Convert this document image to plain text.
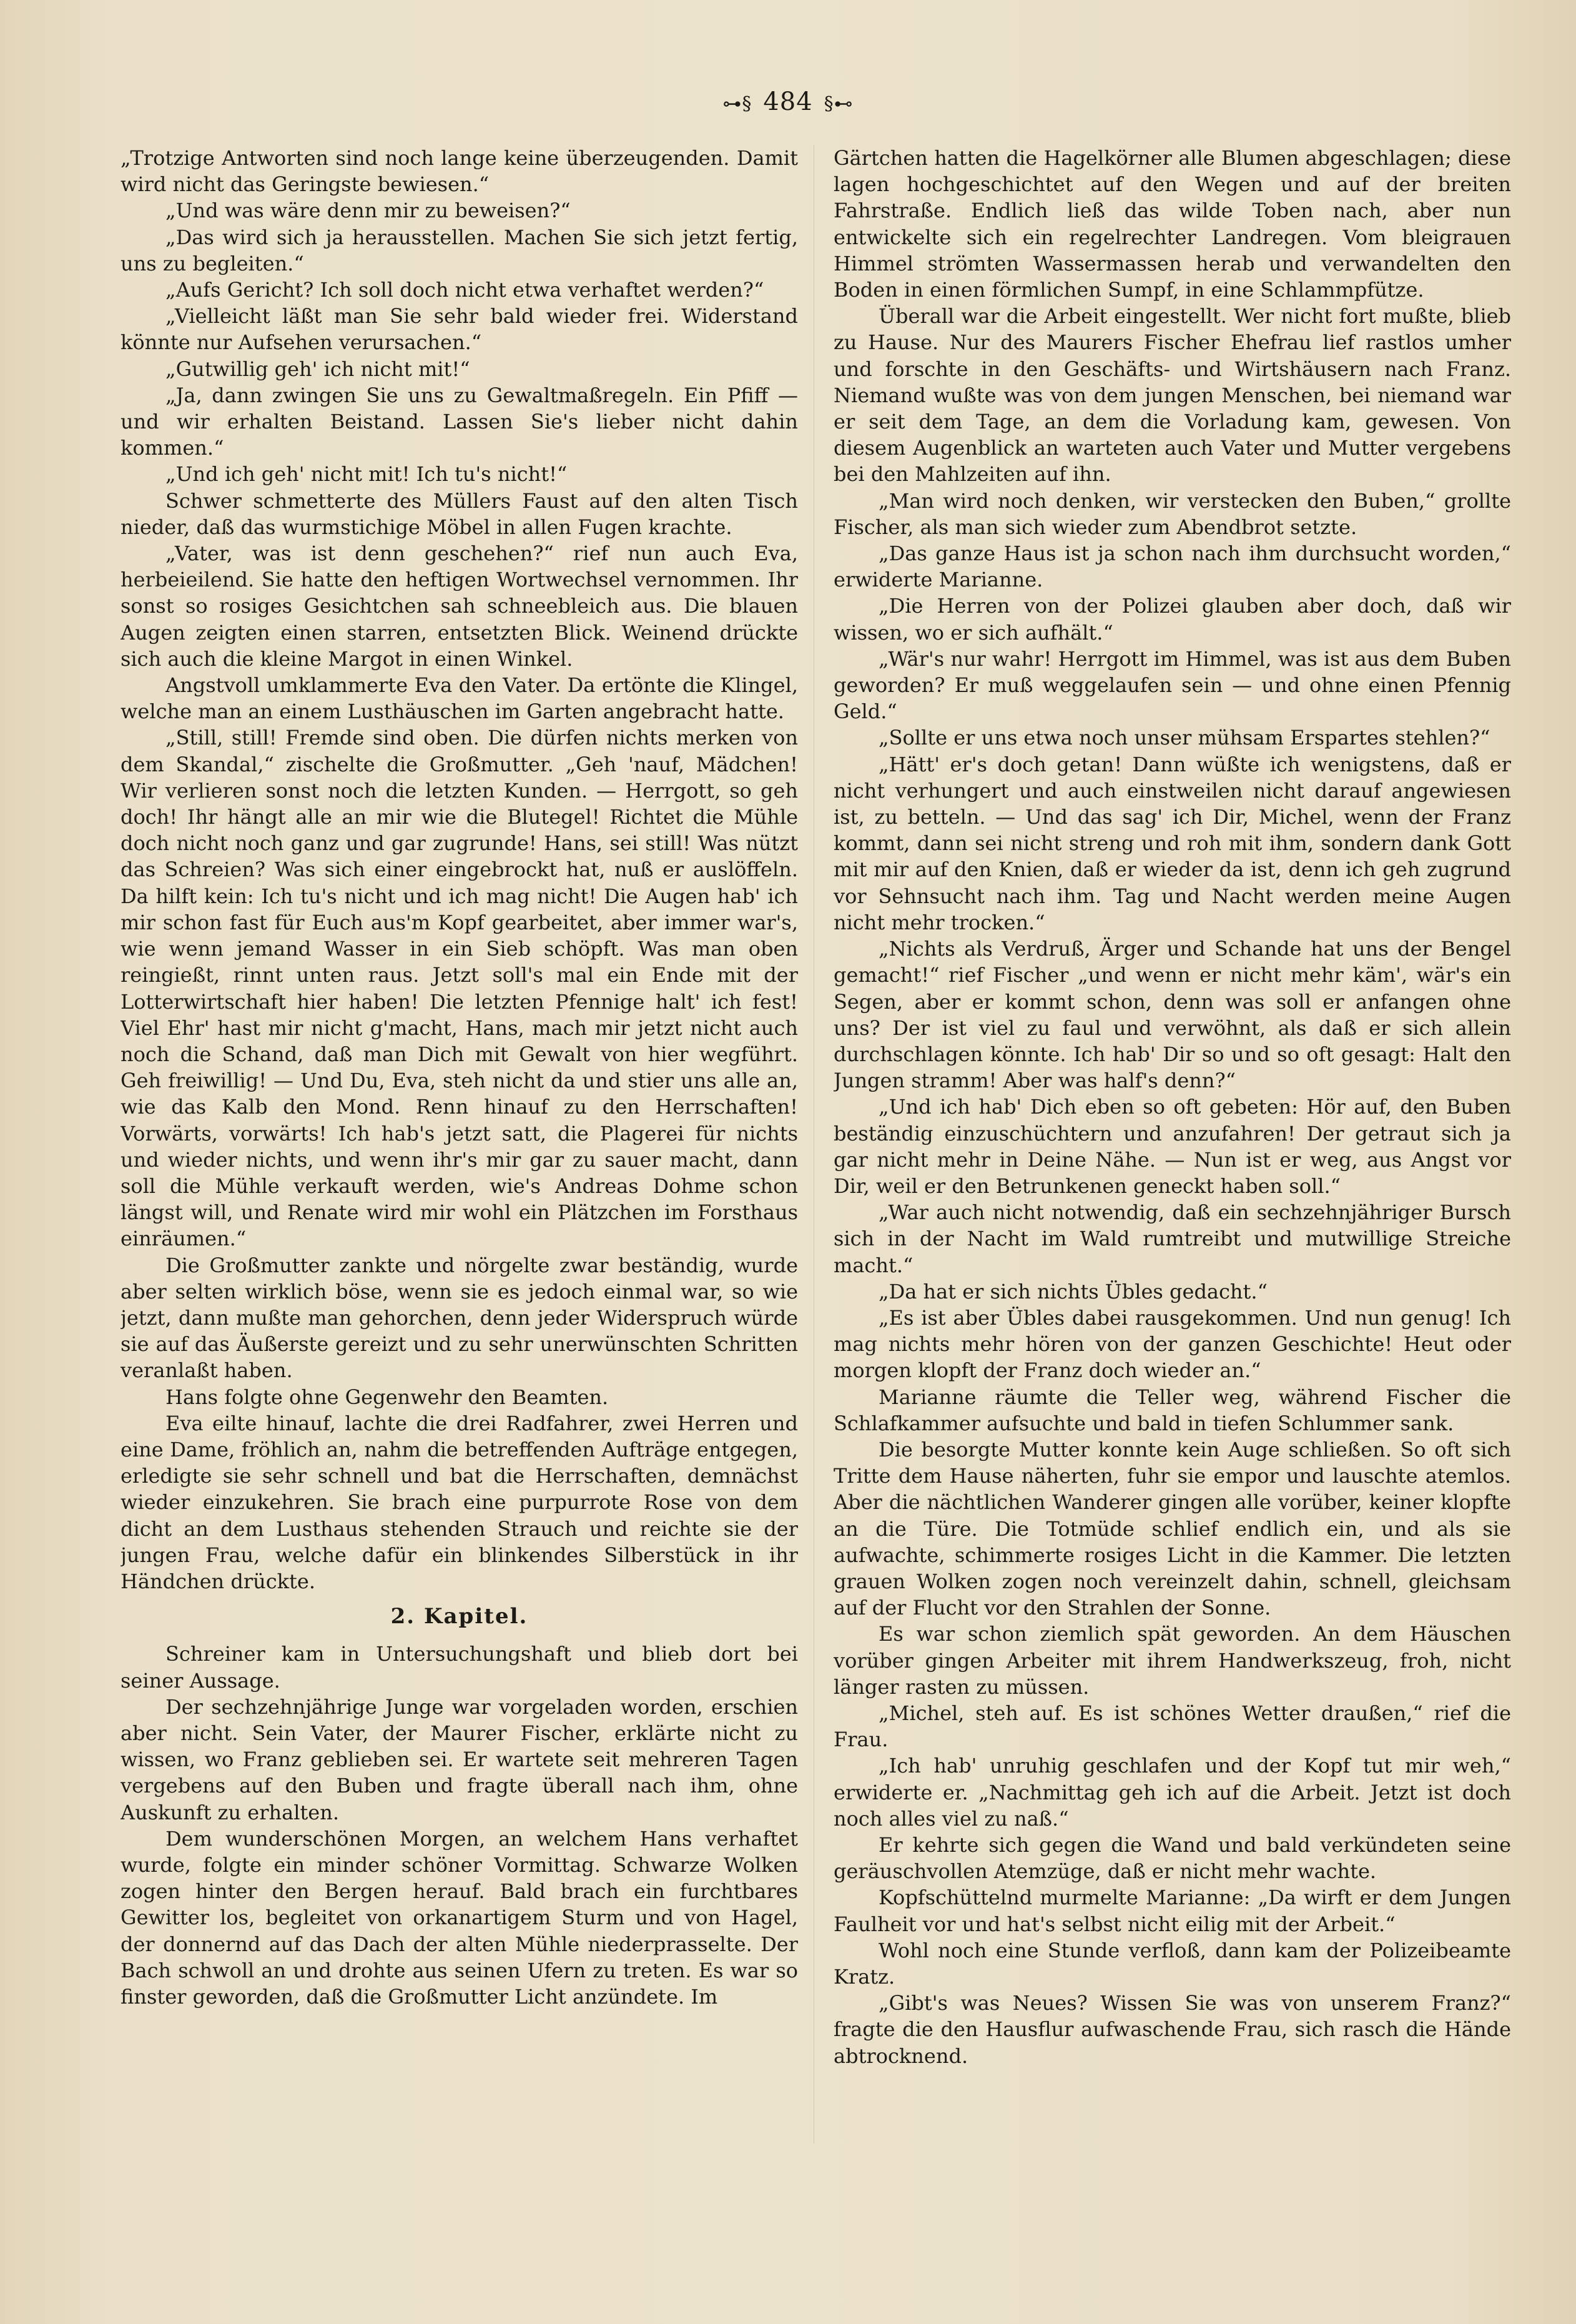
⊶§ 484 §⊷

„Trotzige Antworten sind noch lange keine überzeugenden. Damit wird nicht das Geringste bewiesen.“

„Und was wäre denn mir zu beweisen?“

„Das wird sich ja herausstellen. Machen Sie sich jetzt fertig, uns zu begleiten.“

„Aufs Gericht? Ich soll doch nicht etwa verhaftet werden?“

„Vielleicht läßt man Sie sehr bald wieder frei. Widerstand könnte nur Aufsehen verursachen.“

„Gutwillig geh' ich nicht mit!“

„Ja, dann zwingen Sie uns zu Gewaltmaßregeln. Ein Pfiff — und wir erhalten Beistand. Lassen Sie's lieber nicht dahin kommen.“

„Und ich geh' nicht mit! Ich tu's nicht!“

Schwer schmetterte des Müllers Faust auf den alten Tisch nieder, daß das wurmstichige Möbel in allen Fugen krachte.

„Vater, was ist denn geschehen?“ rief nun auch Eva, herbeieilend. Sie hatte den heftigen Wortwechsel vernommen. Ihr sonst so rosiges Gesichtchen sah schneebleich aus. Die blauen Augen zeigten einen starren, entsetzten Blick. Weinend drückte sich auch die kleine Margot in einen Winkel.

Angstvoll umklammerte Eva den Vater. Da ertönte die Klingel, welche man an einem Lusthäuschen im Garten angebracht hatte.

„Still, still! Fremde sind oben. Die dürfen nichts merken von dem Skandal,“ zischelte die Großmutter. „Geh 'nauf, Mädchen! Wir verlieren sonst noch die letzten Kunden. — Herrgott, so geh doch! Ihr hängt alle an mir wie die Blutegel! Richtet die Mühle doch nicht noch ganz und gar zugrunde! Hans, sei still! Was nützt das Schreien? Was sich einer eingebrockt hat, nuß er auslöffeln. Da hilft kein: Ich tu's nicht und ich mag nicht! Die Augen hab' ich mir schon fast für Euch aus'm Kopf gearbeitet, aber immer war's, wie wenn jemand Wasser in ein Sieb schöpft. Was man oben reingießt, rinnt unten raus. Jetzt soll's mal ein Ende mit der Lotterwirtschaft hier haben! Die letzten Pfennige halt' ich fest! Viel Ehr' hast mir nicht g'macht, Hans, mach mir jetzt nicht auch noch die Schand, daß man Dich mit Gewalt von hier wegführt. Geh freiwillig! — Und Du, Eva, steh nicht da und stier uns alle an, wie das Kalb den Mond. Renn hinauf zu den Herrschaften! Vorwärts, vorwärts! Ich hab's jetzt satt, die Plagerei für nichts und wieder nichts, und wenn ihr's mir gar zu sauer macht, dann soll die Mühle verkauft werden, wie's Andreas Dohme schon längst will, und Renate wird mir wohl ein Plätzchen im Forsthaus einräumen.“

Die Großmutter zankte und nörgelte zwar beständig, wurde aber selten wirklich böse, wenn sie es jedoch einmal war, so wie jetzt, dann mußte man gehorchen, denn jeder Widerspruch würde sie auf das Äußerste gereizt und zu sehr unerwünschten Schritten veranlaßt haben.

Hans folgte ohne Gegenwehr den Beamten.

Eva eilte hinauf, lachte die drei Radfahrer, zwei Herren und eine Dame, fröhlich an, nahm die betreffenden Aufträge entgegen, erledigte sie sehr schnell und bat die Herrschaften, demnächst wieder einzukehren. Sie brach eine purpurrote Rose von dem dicht an dem Lusthaus stehenden Strauch und reichte sie der jungen Frau, welche dafür ein blinkendes Silberstück in ihr Händchen drückte.

2. Kapitel.

Schreiner kam in Untersuchungshaft und blieb dort bei seiner Aussage.

Der sechzehnjährige Junge war vorgeladen worden, erschien aber nicht. Sein Vater, der Maurer Fischer, erklärte nicht zu wissen, wo Franz geblieben sei. Er wartete seit mehreren Tagen vergebens auf den Buben und fragte überall nach ihm, ohne Auskunft zu erhalten.

Dem wunderschönen Morgen, an welchem Hans verhaftet wurde, folgte ein minder schöner Vormittag. Schwarze Wolken zogen hinter den Bergen herauf. Bald brach ein furchtbares Gewitter los, begleitet von orkanartigem Sturm und von Hagel, der donnernd auf das Dach der alten Mühle niederprasselte. Der Bach schwoll an und drohte aus seinen Ufern zu treten. Es war so finster geworden, daß die Großmutter Licht anzündete. Im

Gärtchen hatten die Hagelkörner alle Blumen abgeschlagen; diese lagen hochgeschichtet auf den Wegen und auf der breiten Fahrstraße. Endlich ließ das wilde Toben nach, aber nun entwickelte sich ein regelrechter Landregen. Vom bleigrauen Himmel strömten Wassermassen herab und verwandelten den Boden in einen förmlichen Sumpf, in eine Schlammpfütze.

Überall war die Arbeit eingestellt. Wer nicht fort mußte, blieb zu Hause. Nur des Maurers Fischer Ehefrau lief rastlos umher und forschte in den Geschäfts- und Wirtshäusern nach Franz. Niemand wußte was von dem jungen Menschen, bei niemand war er seit dem Tage, an dem die Vorladung kam, gewesen. Von diesem Augenblick an warteten auch Vater und Mutter vergebens bei den Mahlzeiten auf ihn.

„Man wird noch denken, wir verstecken den Buben,“ grollte Fischer, als man sich wieder zum Abendbrot setzte.

„Das ganze Haus ist ja schon nach ihm durchsucht worden,“ erwiderte Marianne.

„Die Herren von der Polizei glauben aber doch, daß wir wissen, wo er sich aufhält.“

„Wär's nur wahr! Herrgott im Himmel, was ist aus dem Buben geworden? Er muß weggelaufen sein — und ohne einen Pfennig Geld.“

„Sollte er uns etwa noch unser mühsam Erspartes stehlen?“

„Hätt' er's doch getan! Dann wüßte ich wenigstens, daß er nicht verhungert und auch einstweilen nicht darauf angewiesen ist, zu betteln. — Und das sag' ich Dir, Michel, wenn der Franz kommt, dann sei nicht streng und roh mit ihm, sondern dank Gott mit mir auf den Knien, daß er wieder da ist, denn ich geh zugrund vor Sehnsucht nach ihm. Tag und Nacht werden meine Augen nicht mehr trocken.“

„Nichts als Verdruß, Ärger und Schande hat uns der Bengel gemacht!“ rief Fischer „und wenn er nicht mehr käm', wär's ein Segen, aber er kommt schon, denn was soll er anfangen ohne uns? Der ist viel zu faul und verwöhnt, als daß er sich allein durchschlagen könnte. Ich hab' Dir so und so oft gesagt: Halt den Jungen stramm! Aber was half's denn?“

„Und ich hab' Dich eben so oft gebeten: Hör auf, den Buben beständig einzuschüchtern und anzufahren! Der getraut sich ja gar nicht mehr in Deine Nähe. — Nun ist er weg, aus Angst vor Dir, weil er den Betrunkenen geneckt haben soll.“

„War auch nicht notwendig, daß ein sechzehnjähriger Bursch sich in der Nacht im Wald rumtreibt und mutwillige Streiche macht.“

„Da hat er sich nichts Übles gedacht.“

„Es ist aber Übles dabei rausgekommen. Und nun genug! Ich mag nichts mehr hören von der ganzen Geschichte! Heut oder morgen klopft der Franz doch wieder an.“

Marianne räumte die Teller weg, während Fischer die Schlafkammer aufsuchte und bald in tiefen Schlummer sank.

Die besorgte Mutter konnte kein Auge schließen. So oft sich Tritte dem Hause näherten, fuhr sie empor und lauschte atemlos. Aber die nächtlichen Wanderer gingen alle vorüber, keiner klopfte an die Türe. Die Totmüde schlief endlich ein, und als sie aufwachte, schimmerte rosiges Licht in die Kammer. Die letzten grauen Wolken zogen noch vereinzelt dahin, schnell, gleichsam auf der Flucht vor den Strahlen der Sonne.

Es war schon ziemlich spät geworden. An dem Häuschen vorüber gingen Arbeiter mit ihrem Handwerkszeug, froh, nicht länger rasten zu müssen.

„Michel, steh auf. Es ist schönes Wetter draußen,“ rief die Frau.

„Ich hab' unruhig geschlafen und der Kopf tut mir weh,“ erwiderte er. „Nachmittag geh ich auf die Arbeit. Jetzt ist doch noch alles viel zu naß.“

Er kehrte sich gegen die Wand und bald verkündeten seine geräuschvollen Atemzüge, daß er nicht mehr wachte.

Kopfschüttelnd murmelte Marianne: „Da wirft er dem Jungen Faulheit vor und hat's selbst nicht eilig mit der Arbeit.“

Wohl noch eine Stunde verfloß, dann kam der Polizeibeamte Kratz.

„Gibt's was Neues? Wissen Sie was von unserem Franz?“ fragte die den Hausflur aufwaschende Frau, sich rasch die Hände abtrocknend.
